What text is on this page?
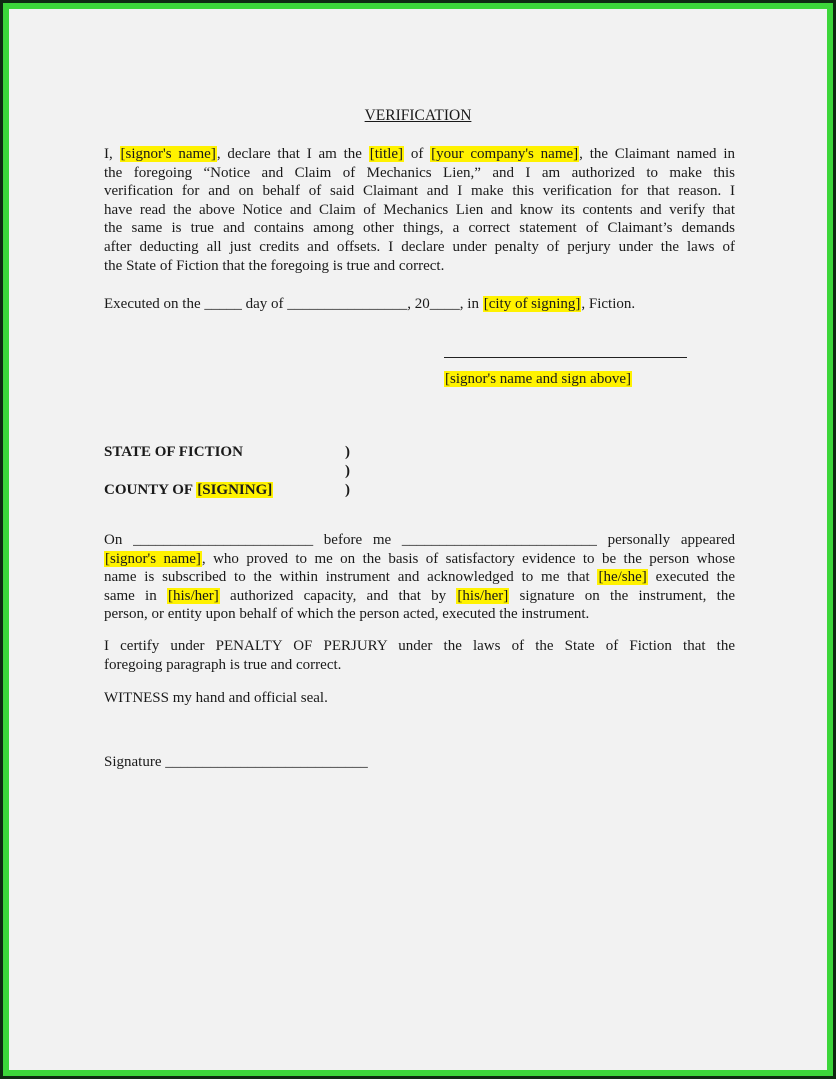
VERIFICATION
I, [signor's name], declare that I am the [title] of [your company's name], the Claimant named in
the foregoing “Notice and Claim of Mechanics Lien,” and I am authorized to make this
verification for and on behalf of said Claimant and I make this verification for that reason. I
have read the above Notice and Claim of Mechanics Lien and know its contents and verify that
the same is true and contains among other things, a correct statement of Claimant’s demands
after deducting all just credits and offsets. I declare under penalty of perjury under the laws of
the State of Fiction that the foregoing is true and correct.
Executed on the _____ day of ________________, 20____, in [city of signing], Fiction.
[signor's name and sign above]
STATE OF FICTION
COUNTY OF [SIGNING]
)
)
)
On ________________________ before me __________________________ personally appeared
[signor's name], who proved to me on the basis of satisfactory evidence to be the person whose
name is subscribed to the within instrument and acknowledged to me that [he/she] executed the
same in [his/her] authorized capacity, and that by [his/her] signature on the instrument, the
person, or entity upon behalf of which the person acted, executed the instrument.
I certify under PENALTY OF PERJURY under the laws of the State of Fiction that the
foregoing paragraph is true and correct.
WITNESS my hand and official seal.
Signature ___________________________
